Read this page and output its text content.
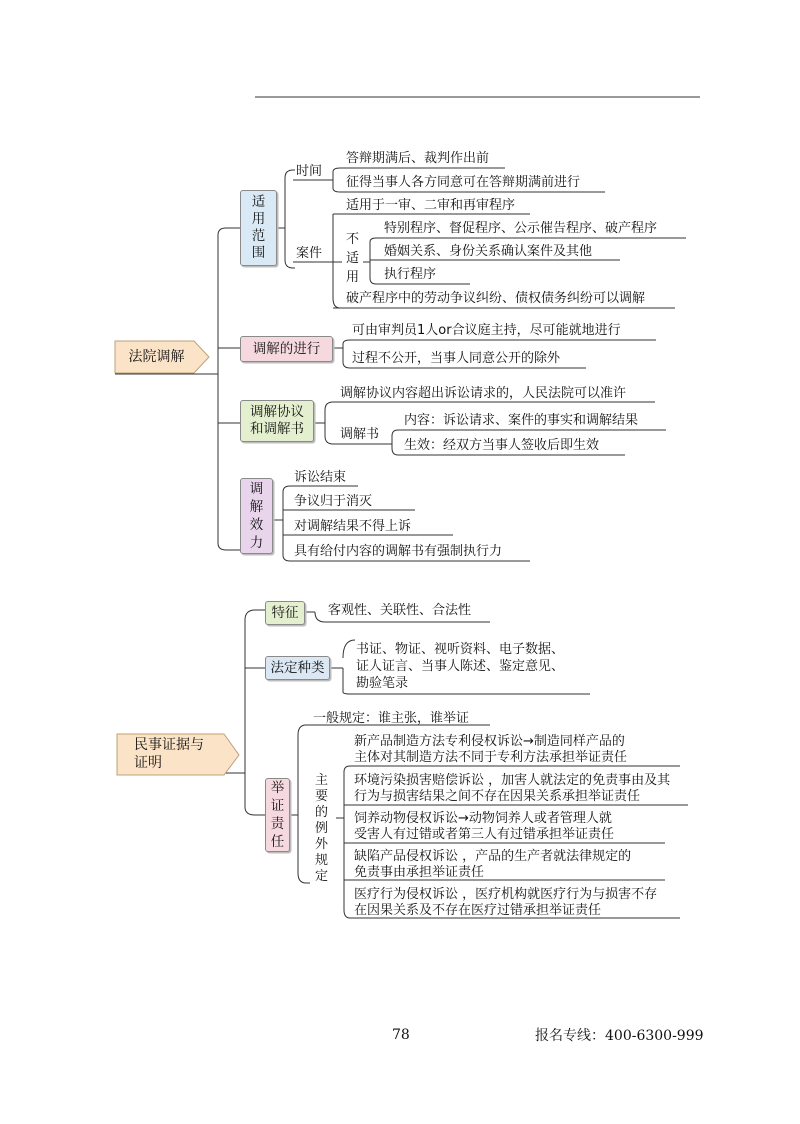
法院调解
适用范围
时间
答辩期满后、裁判作出前
征得当事人各方同意可在答辩期满前进行
案件
适用于一审、二审和再审程序
不适用
特别程序、督促程序、公示催告程序、破产程序
婚姻关系、身份关系确认案件及其他
执行程序
破产程序中的劳动争议纠纷、债权债务纠纷可以调解
调解的进行
可由审判员1人or合议庭主持，尽可能就地进行
过程不公开，当事人同意公开的除外
调解协议和调解书
调解协议内容超出诉讼请求的，人民法院可以准许
调解书
内容：诉讼请求、案件的事实和调解结果
生效：经双方当事人签收后即生效
调解效力
诉讼结束
争议归于消灭
对调解结果不得上诉
具有给付内容的调解书有强制执行力
民事证据与
证明
特征 客观性、关联性、合法性
法定种类
书证、物证、视听资料、电子数据、
证人证言、当事人陈述、鉴定意见、
勘验笔录
举证责任
一般规定：谁主张，谁举证
主要的例外规定
新产品制造方法专利侵权诉讼→制造同样产品的
主体对其制造方法不同于专利方法承担举证责任
环境污染损害赔偿诉讼 ，加害人就法定的免责事由及其
行为与损害结果之间不存在因果关系承担举证责任
饲养动物侵权诉讼→动物饲养人或者管理人就
受害人有过错或者第三人有过错承担举证责任
缺陷产品侵权诉讼 ，产品的生产者就法律规定的
免责事由承担举证责任
医疗行为侵权诉讼 ，医疗机构就医疗行为与损害不存
在因果关系及不存在医疗过错承担举证责任
78	报名专线：400-6300-999
